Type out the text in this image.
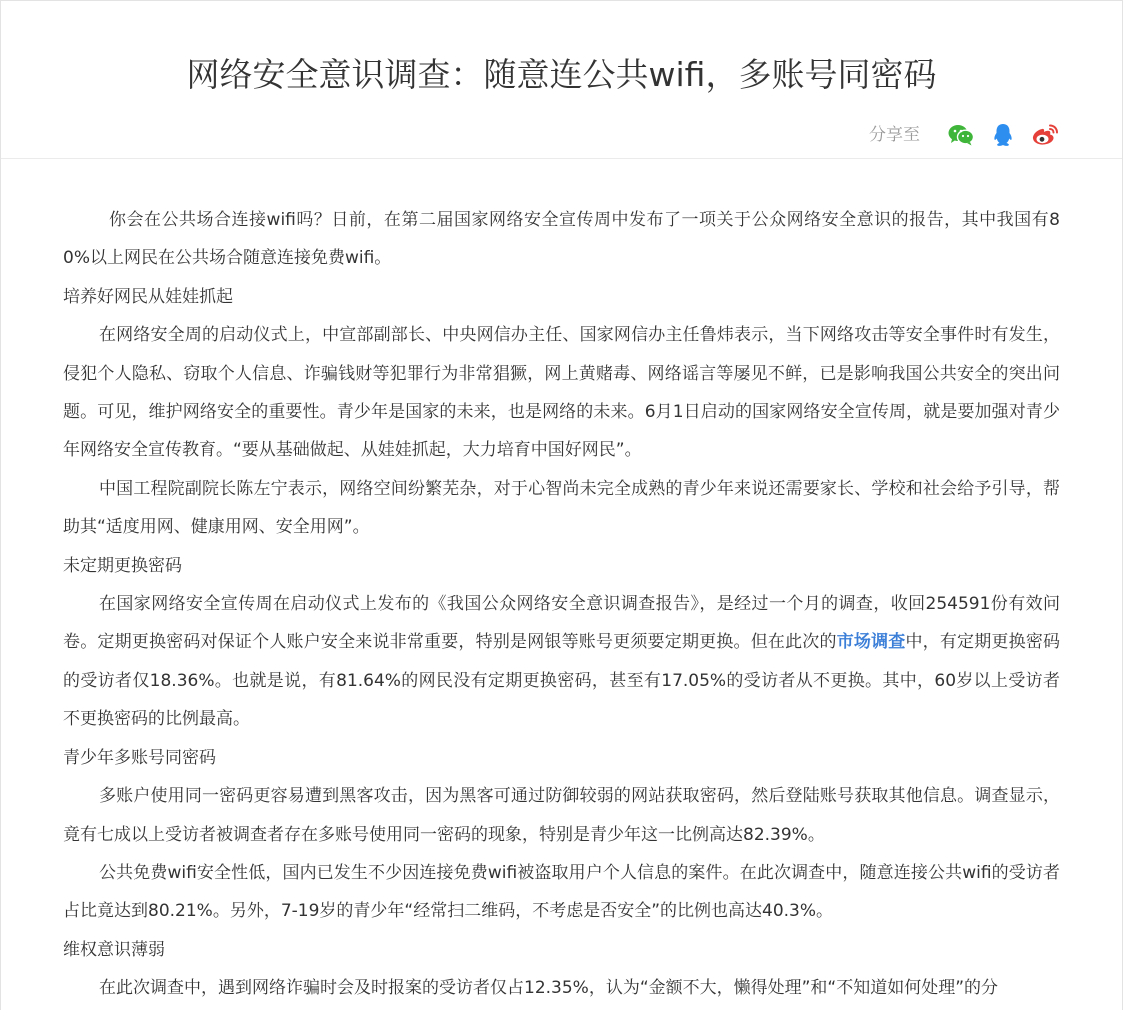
网络安全意识调查：随意连公共wifi，多账号同密码
分享至

你会在公共场合连接wifi吗？日前，在第二届国家网络安全宣传周中发布了一项关于公众网络安全意识的报告，其中我国有80%以上网民在公共场合随意连接免费wifi。

培养好网民从娃娃抓起

在网络安全周的启动仪式上，中宣部副部长、中央网信办主任、国家网信办主任鲁炜表示，当下网络攻击等安全事件时有发生，侵犯个人隐私、窃取个人信息、诈骗钱财等犯罪行为非常猖獗，网上黄赌毒、网络谣言等屡见不鲜，已是影响我国公共安全的突出问题。可见，维护网络安全的重要性。青少年是国家的未来，也是网络的未来。6月1日启动的国家网络安全宣传周，就是要加强对青少年网络安全宣传教育。“要从基础做起、从娃娃抓起，大力培育中国好网民”。

中国工程院副院长陈左宁表示，网络空间纷繁芜杂，对于心智尚未完全成熟的青少年来说还需要家长、学校和社会给予引导，帮助其“适度用网、健康用网、安全用网”。

未定期更换密码

在国家网络安全宣传周在启动仪式上发布的《我国公众网络安全意识调查报告》，是经过一个月的调查，收回254591份有效问卷。定期更换密码对保证个人账户安全来说非常重要，特别是网银等账号更须要定期更换。但在此次的市场调查中，有定期更换密码的受访者仅18.36%。也就是说，有81.64%的网民没有定期更换密码，甚至有17.05%的受访者从不更换。其中，60岁以上受访者不更换密码的比例最高。

青少年多账号同密码

多账户使用同一密码更容易遭到黑客攻击，因为黑客可通过防御较弱的网站获取密码，然后登陆账号获取其他信息。调查显示，竟有七成以上受访者被调查者存在多账号使用同一密码的现象，特别是青少年这一比例高达82.39%。

公共免费wifi安全性低，国内已发生不少因连接免费wifi被盗取用户个人信息的案件。在此次调查中，随意连接公共wifi的受访者占比竟达到80.21%。另外，7-19岁的青少年“经常扫二维码，不考虑是否安全”的比例也高达40.3%。

维权意识薄弱

在此次调查中，遇到网络诈骗时会及时报案的受访者仅占12.35%，认为“金额不大，懒得处理”和“不知道如何处理”的分
